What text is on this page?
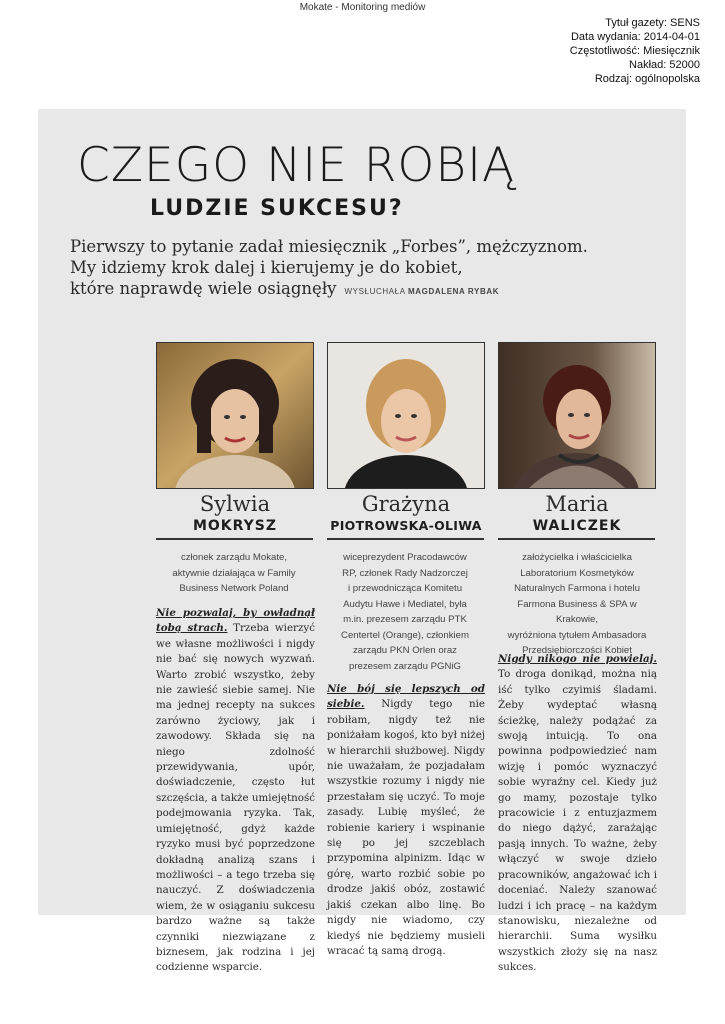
Mokate - Monitoring mediów
Tytuł gazety: SENS
Data wydania: 2014-04-01
Częstotliwość: Miesięcznik
Nakład: 52000
Rodzaj: ogólnopolska
CZEGO NIE ROBIĄ
LUDZIE SUKCESU?
Pierwszy to pytanie zadał miesięcznik „Forbes”, mężczyznom.
My idziemy krok dalej i kierujemy je do kobiet,
które naprawdę wiele osiągnęły WYSŁUCHAŁA MAGDALENA RYBAK
Sylwia
MOKRYSZ
Grażyna
PIOTROWSKA-OLIWA
Maria
WALICZEK
członek zarządu Mokate,
aktywnie działająca w Family
Business Network Poland
wiceprezydent Pracodawców
RP, członek Rady Nadzorczej
i przewodnicząca Komitetu
Audytu Hawe i Mediatel, była
m.in. prezesem zarządu PTK
Centertel (Orange), członkiem
zarządu PKN Orlen oraz
prezesem zarządu PGNiG
założycielka i właścicielka
Laboratorium Kosmetyków
Naturalnych Farmona i hotelu
Farmona Business & SPA w Krakowie,
wyróżniona tytułem Ambasadora
Przedsiębiorczości Kobiet
Nie pozwalaj, by owładnął tobą strach. Trzeba wierzyć we własne możliwości i nigdy nie bać się nowych wyzwań. Warto zrobić wszystko, żeby nie zawieść siebie samej. Nie ma jednej recepty na sukces zarówno życiowy, jak i zawodowy. Składa się na niego zdolność przewidywania, upór, doświadczenie, często łut szczęścia, a także umiejętność podejmowania ryzyka. Tak, umiejętność, gdyż każde ryzyko musi być poprzedzone dokładną analizą szans i możliwości – a tego trzeba się nauczyć. Z doświadczenia wiem, że w osiąganiu sukcesu bardzo ważne są także czynniki niezwiązane z biznesem, jak rodzina i jej codzienne wsparcie.
Nie bój się lepszych od siebie. Nigdy tego nie robiłam, nigdy też nie poniżałam kogoś, kto był niżej w hierarchii służbowej. Nigdy nie uważałam, że pozjadałam wszystkie rozumy i nigdy nie przestałam się uczyć. To moje zasady. Lubię myśleć, że robienie kariery i wspinanie się po jej szczeblach przypomina alpinizm. Idąc w górę, warto rozbić sobie po drodze jakiś obóz, zostawić jakiś czekan albo linę. Bo nigdy nie wiadomo, czy kiedyś nie będziemy musieli wracać tą samą drogą.
Nigdy nikogo nie powielaj. To droga donikąd, można nią iść tylko czyimiś śladami. Żeby wydeptać własną ścieżkę, należy podążać za swoją intuicją. To ona powinna podpowiedzieć nam wizję i pomóc wyznaczyć sobie wyraźny cel. Kiedy już go mamy, pozostaje tylko pracowicie i z entuzjazmem do niego dążyć, zarażając pasją innych. To ważne, żeby włączyć w swoje dzieło pracowników, angażować ich i doceniać. Należy szanować ludzi i ich pracę – na każdym stanowisku, niezależne od hierarchii. Suma wysiłku wszystkich złoży się na nasz sukces.
